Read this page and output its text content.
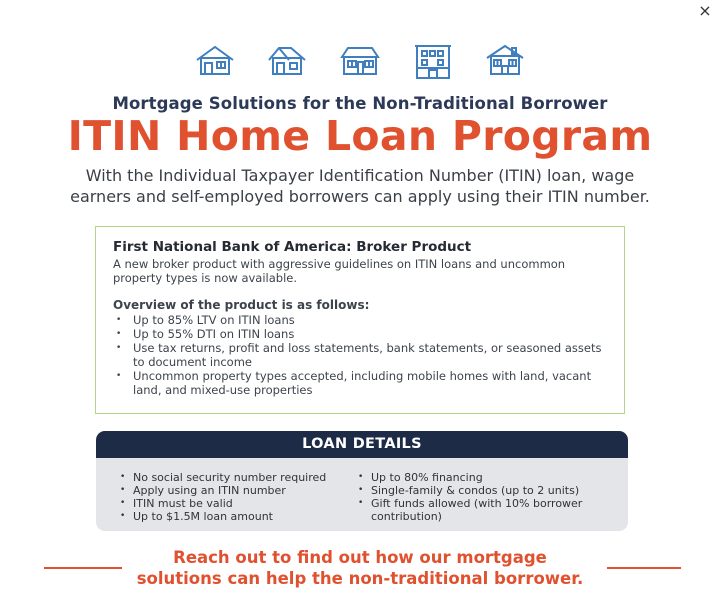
×
Mortgage Solutions for the Non-Traditional Borrower
ITIN Home Loan Program
With the Individual Taxpayer Identification Number (ITIN) loan, wage
earners and self-employed borrowers can apply using their ITIN number.
First National Bank of America: Broker Product
A new broker product with aggressive guidelines on ITIN loans and uncommon property types is now available.
Overview of the product is as follows:
• Up to 85% LTV on ITIN loans
• Up to 55% DTI on ITIN loans
• Use tax returns, profit and loss statements, bank statements, or seasoned assets to document income
• Uncommon property types accepted, including mobile homes with land, vacant land, and mixed-use properties
LOAN DETAILS
• No social security number required
• Apply using an ITIN number
• ITIN must be valid
• Up to $1.5M loan amount
• Up to 80% financing
• Single-family & condos (up to 2 units)
• Gift funds allowed (with 10% borrower contribution)
Reach out to find out how our mortgage
solutions can help the non-traditional borrower.
